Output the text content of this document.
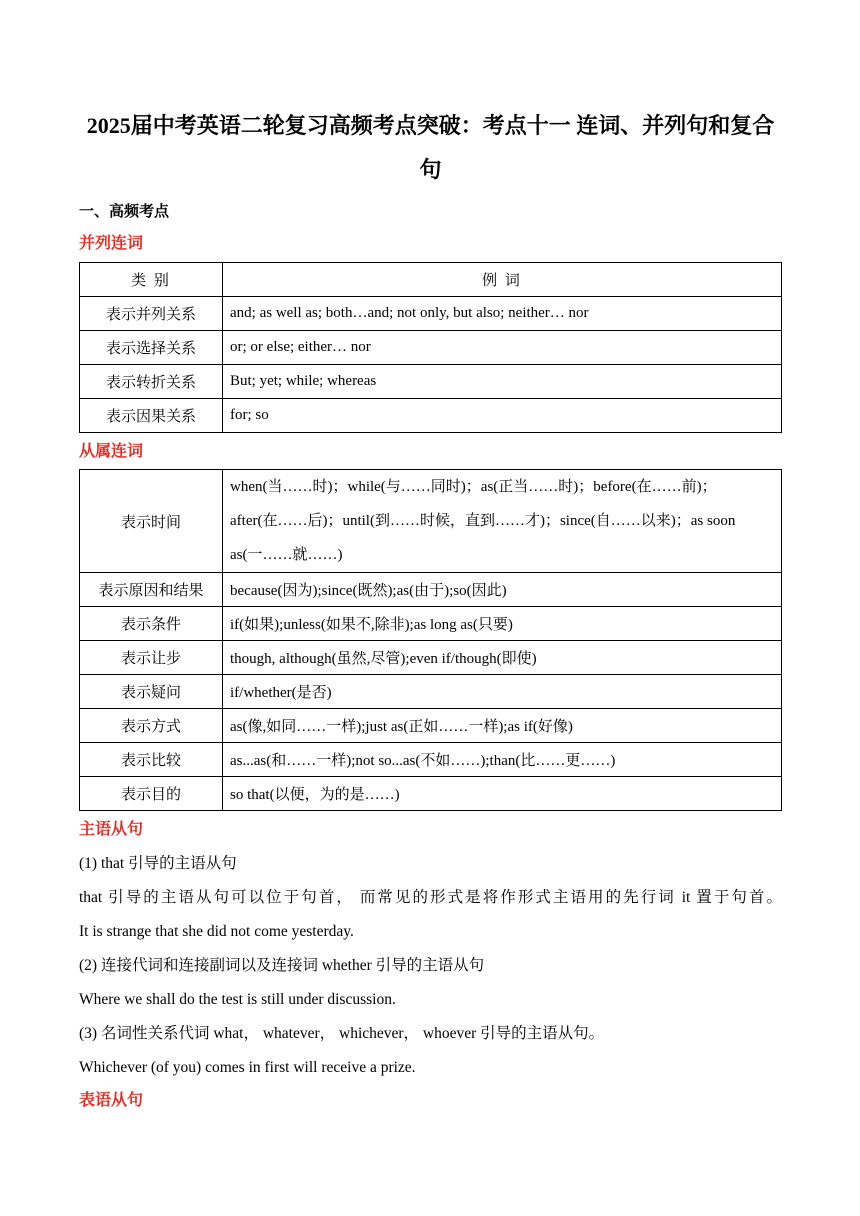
2025届中考英语二轮复习高频考点突破：考点十一 连词、并列句和复合句
一、高频考点
并列连词
类 别	例 词
表示并列关系	and; as well as; both…and; not only, but also; neither… nor
表示选择关系	or; or else; either… nor
表示转折关系	But; yet; while; whereas
表示因果关系	for; so
从属连词
表示时间	when(当……时)；while(与……同时)；as(正当……时)；before(在……前)；after(在……后)；until(到……时候，直到……才)；since(自……以来)；as soon as(一……就……)
表示原因和结果	because(因为);since(既然);as(由于);so(因此)
表示条件	if(如果);unless(如果不,除非);as long as(只要)
表示让步	though, although(虽然,尽管);even if/though(即使)
表示疑问	if/whether(是否)
表示方式	as(像,如同……一样);just as(正如……一样);as if(好像)
表示比较	as...as(和……一样);not so...as(不如……);than(比……更……)
表示目的	so that(以便，为的是……)
主语从句
(1) that 引导的主语从句
that 引导的主语从句可以位于句首， 而常见的形式是将作形式主语用的先行词 it 置于句首。
It is strange that she did not come yesterday.
(2) 连接代词和连接副词以及连接词 whether 引导的主语从句
Where we shall do the test is still under discussion.
(3) 名词性关系代词 what， whatever， whichever， whoever 引导的主语从句。
Whichever (of you) comes in first will receive a prize.
表语从句
